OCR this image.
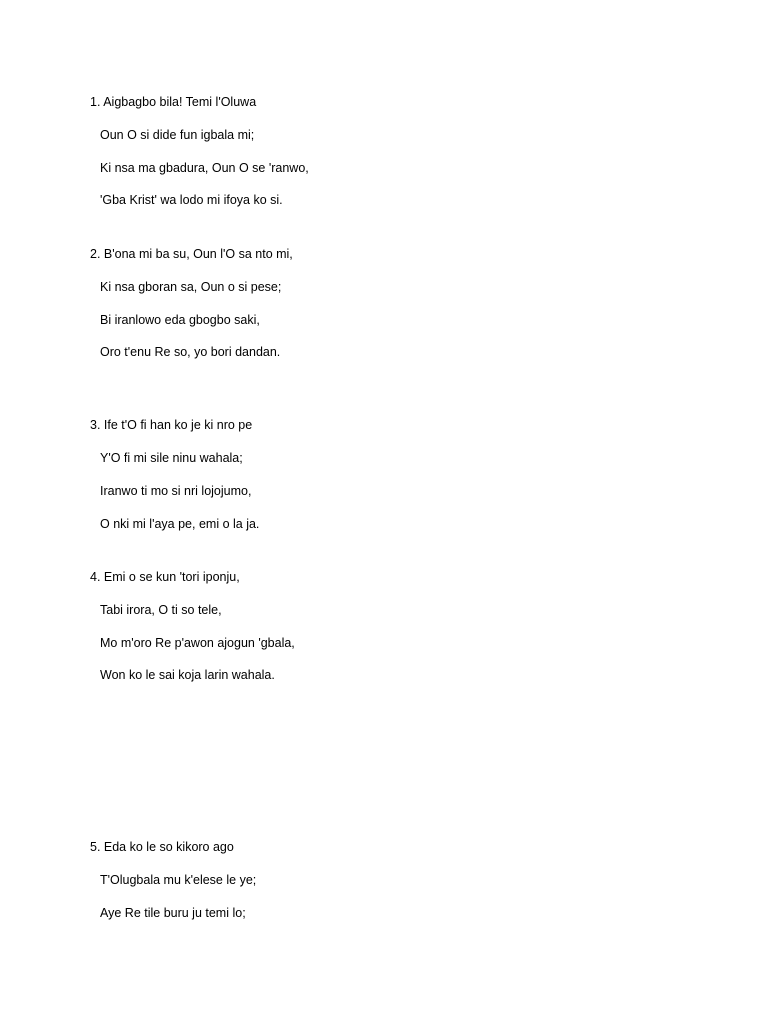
1. Aigbagbo bila! Temi l'Oluwa
Oun O si dide fun igbala mi;
Ki nsa ma gbadura, Oun O se 'ranwo,
'Gba Krist' wa lodo mi ifoya ko si.
2. B'ona mi ba su, Oun l'O sa nto mi,
Ki nsa gboran sa, Oun o si pese;
Bi iranlowo eda gbogbo saki,
Oro t'enu Re so, yo bori dandan.
3. Ife t'O fi han ko je ki nro pe
Y'O fi mi sile ninu wahala;
Iranwo ti mo si nri lojojumo,
O nki mi l'aya pe, emi o la ja.
4. Emi o se kun 'tori iponju,
Tabi irora, O ti so tele,
Mo m'oro Re p'awon ajogun 'gbala,
Won ko le sai koja larin wahala.
5. Eda ko le so kikoro ago
T'Olugbala mu k'elese le ye;
Aye Re tile buru ju temi lo;
